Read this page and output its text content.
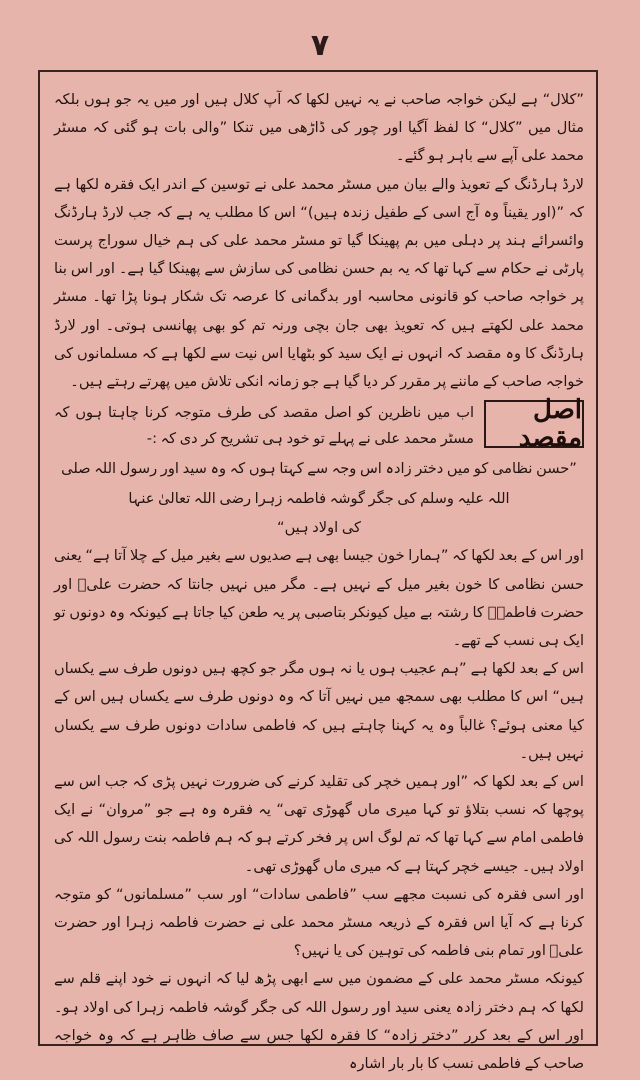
۷

”کلال“ ہے لیکن خواجہ صاحب نے یہ نہیں لکھا کہ آپ کلال ہیں اور میں یہ جو ہوں بلکہ مثال میں ”کلال“ کا لفظ آگیا اور چور کی ڈاڑھی میں تنکا ”والی بات ہو گئی کہ مسٹر محمد علی آپے سے باہر ہو گئے۔

لارڈ ہارڈنگ کے تعویذ والے بیان میں مسٹر محمد علی نے توسین کے اندر ایک فقرہ لکھا ہے کہ ”(اور یقیناً وہ آج اسی کے طفیل زندہ ہیں)“ اس کا مطلب یہ ہے کہ جب لارڈ ہارڈنگ وائسرائے ہند پر دہلی میں بم پھینکا گیا تو مسٹر محمد علی کی ہم خیال سوراج پرست پارٹی نے حکام سے کہا تھا کہ یہ بم حسن نظامی کی سازش سے پھینکا گیا ہے۔ اور اس بنا پر خواجہ صاحب کو قانونی محاسبہ اور بدگمانی کا عرصہ تک شکار ہونا پڑا تھا۔ مسٹر محمد علی لکھتے ہیں کہ تعویذ بھی جان بچی ورنہ تم کو بھی پھانسی ہوتی۔ اور لارڈ ہارڈنگ کا وہ مقصد کہ انہوں نے ایک سید کو بٹھایا اس نیت سے لکھا ہے کہ مسلمانوں کی خواجہ صاحب کے ماننے پر مقرر کر دیا گیا ہے جو زمانہ انکی تلاش میں پھرتے رہتے ہیں۔

اصل مقصد
اب میں ناظرین کو اصل مقصد کی طرف متوجہ کرنا چاہتا ہوں کہ مسٹر محمد علی نے پہلے تو خود ہی تشریح کر دی کہ :-

”حسن نظامی کو میں دختر زادہ اس وجہ سے کہتا ہوں کہ وہ سید اور رسول اللہ صلی اللہ علیہ وسلم کی جگر گوشہ فاطمہ زہرا رضی اللہ تعالیٰ عنہا

کی اولاد ہیں“

اور اس کے بعد لکھا کہ ”ہمارا خون جیسا بھی ہے صدیوں سے بغیر میل کے چلا آتا ہے“ یعنی حسن نظامی کا خون بغیر میل کے نہیں ہے۔ مگر میں نہیں جانتا کہ حضرت علیؑ اور حضرت فاطمہؑ کا رشتہ بے میل کیونکر بتاصبی پر یہ طعن کیا جاتا ہے کیونکہ وہ دونوں تو ایک ہی نسب کے تھے۔

اس کے بعد لکھا ہے ”ہم عجیب ہوں یا نہ ہوں مگر جو کچھ ہیں دونوں طرف سے یکساں ہیں“ اس کا مطلب بھی سمجھ میں نہیں آتا کہ وہ دونوں طرف سے یکساں ہیں اس کے کیا معنی ہوئے؟ غالباً وہ یہ کہنا چاہتے ہیں کہ فاطمی سادات دونوں طرف سے یکساں نہیں ہیں۔

اس کے بعد لکھا کہ ”اور ہمیں خچر کی تقلید کرنے کی ضرورت نہیں پڑی کہ جب اس سے پوچھا کہ نسب بتلاؤ تو کہا میری ماں گھوڑی تھی“ یہ فقرہ وہ ہے جو ”مروان“ نے ایک فاطمی امام سے کہا تھا کہ تم لوگ اس پر فخر کرتے ہو کہ ہم فاطمہ بنت رسول اللہ کی اولاد ہیں۔ جیسے خچر کہتا ہے کہ میری ماں گھوڑی تھی۔

اور اسی فقرہ کی نسبت مجھے سب ”فاطمی سادات“ اور سب ”مسلمانوں“ کو متوجہ کرنا ہے کہ آیا اس فقرہ کے ذریعہ مسٹر محمد علی نے حضرت فاطمہ زہرا اور حضرت علیؑ اور تمام بنی فاطمہ کی توہین کی یا نہیں؟

کیونکہ مسٹر محمد علی کے مضمون میں سے ابھی پڑھ لیا کہ انہوں نے خود اپنے قلم سے لکھا کہ ہم دختر زادہ یعنی سید اور رسول اللہ کی جگر گوشہ فاطمہ زہرا کی اولاد ہو۔ اور اس کے بعد کرر ”دختر زادہ“ کا فقرہ لکھا جس سے صاف ظاہر ہے کہ وہ خواجہ صاحب کے فاطمی نسب کا بار بار اشارہ
